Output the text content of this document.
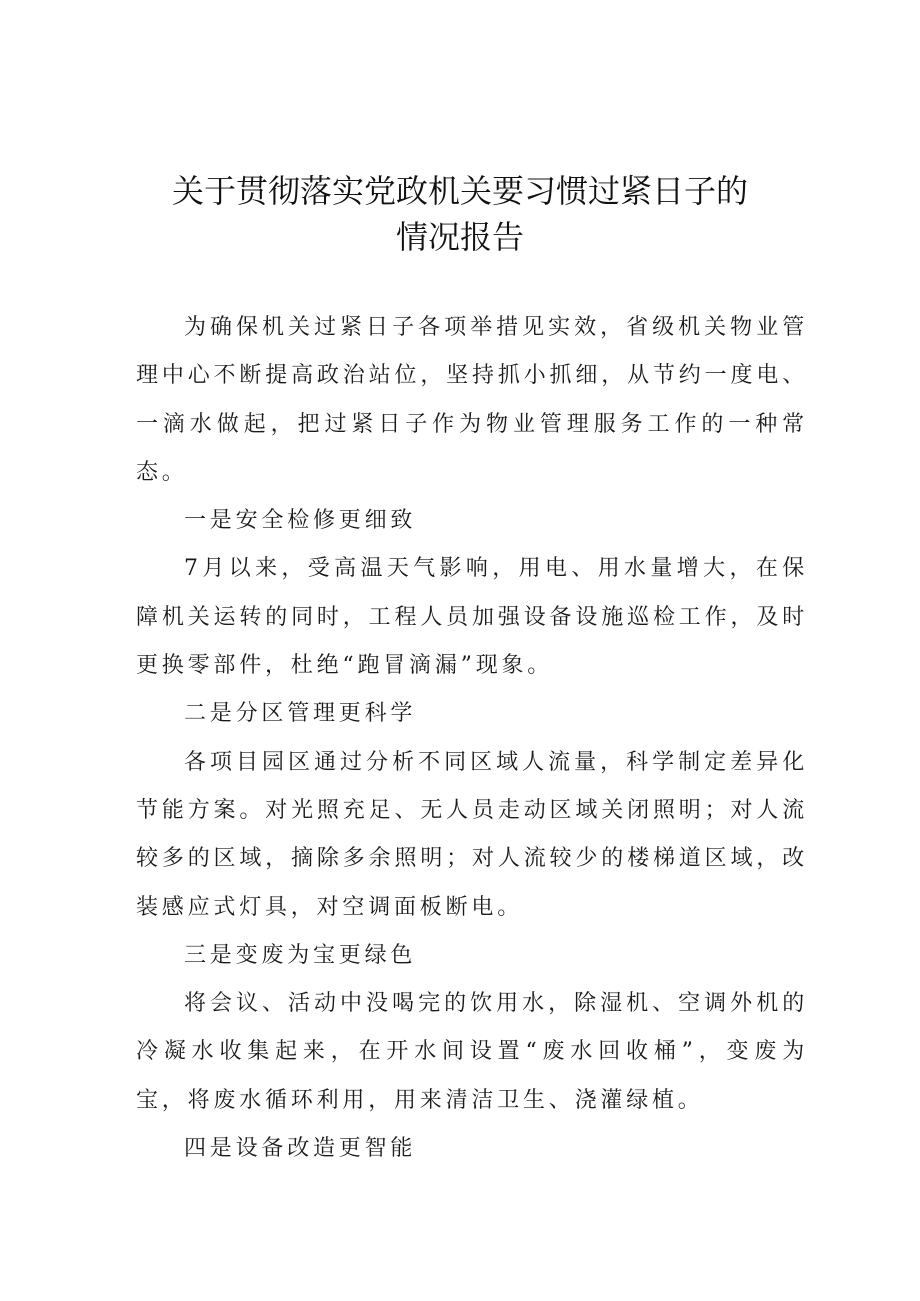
关于贯彻落实党政机关要习惯过紧日子的
情况报告

为确保机关过紧日子各项举措见实效，省级机关物业管理中心不断提高政治站位，坚持抓小抓细，从节约一度电、一滴水做起，把过紧日子作为物业管理服务工作的一种常态。

一是安全检修更细致

7月以来，受高温天气影响，用电、用水量增大，在保障机关运转的同时，工程人员加强设备设施巡检工作，及时更换零部件，杜绝“跑冒滴漏”现象。

二是分区管理更科学

各项目园区通过分析不同区域人流量，科学制定差异化节能方案。对光照充足、无人员走动区域关闭照明；对人流较多的区域，摘除多余照明；对人流较少的楼梯道区域，改装感应式灯具，对空调面板断电。

三是变废为宝更绿色

将会议、活动中没喝完的饮用水，除湿机、空调外机的冷凝水收集起来，在开水间设置“废水回收桶”，变废为宝，将废水循环利用，用来清洁卫生、浇灌绿植。

四是设备改造更智能
